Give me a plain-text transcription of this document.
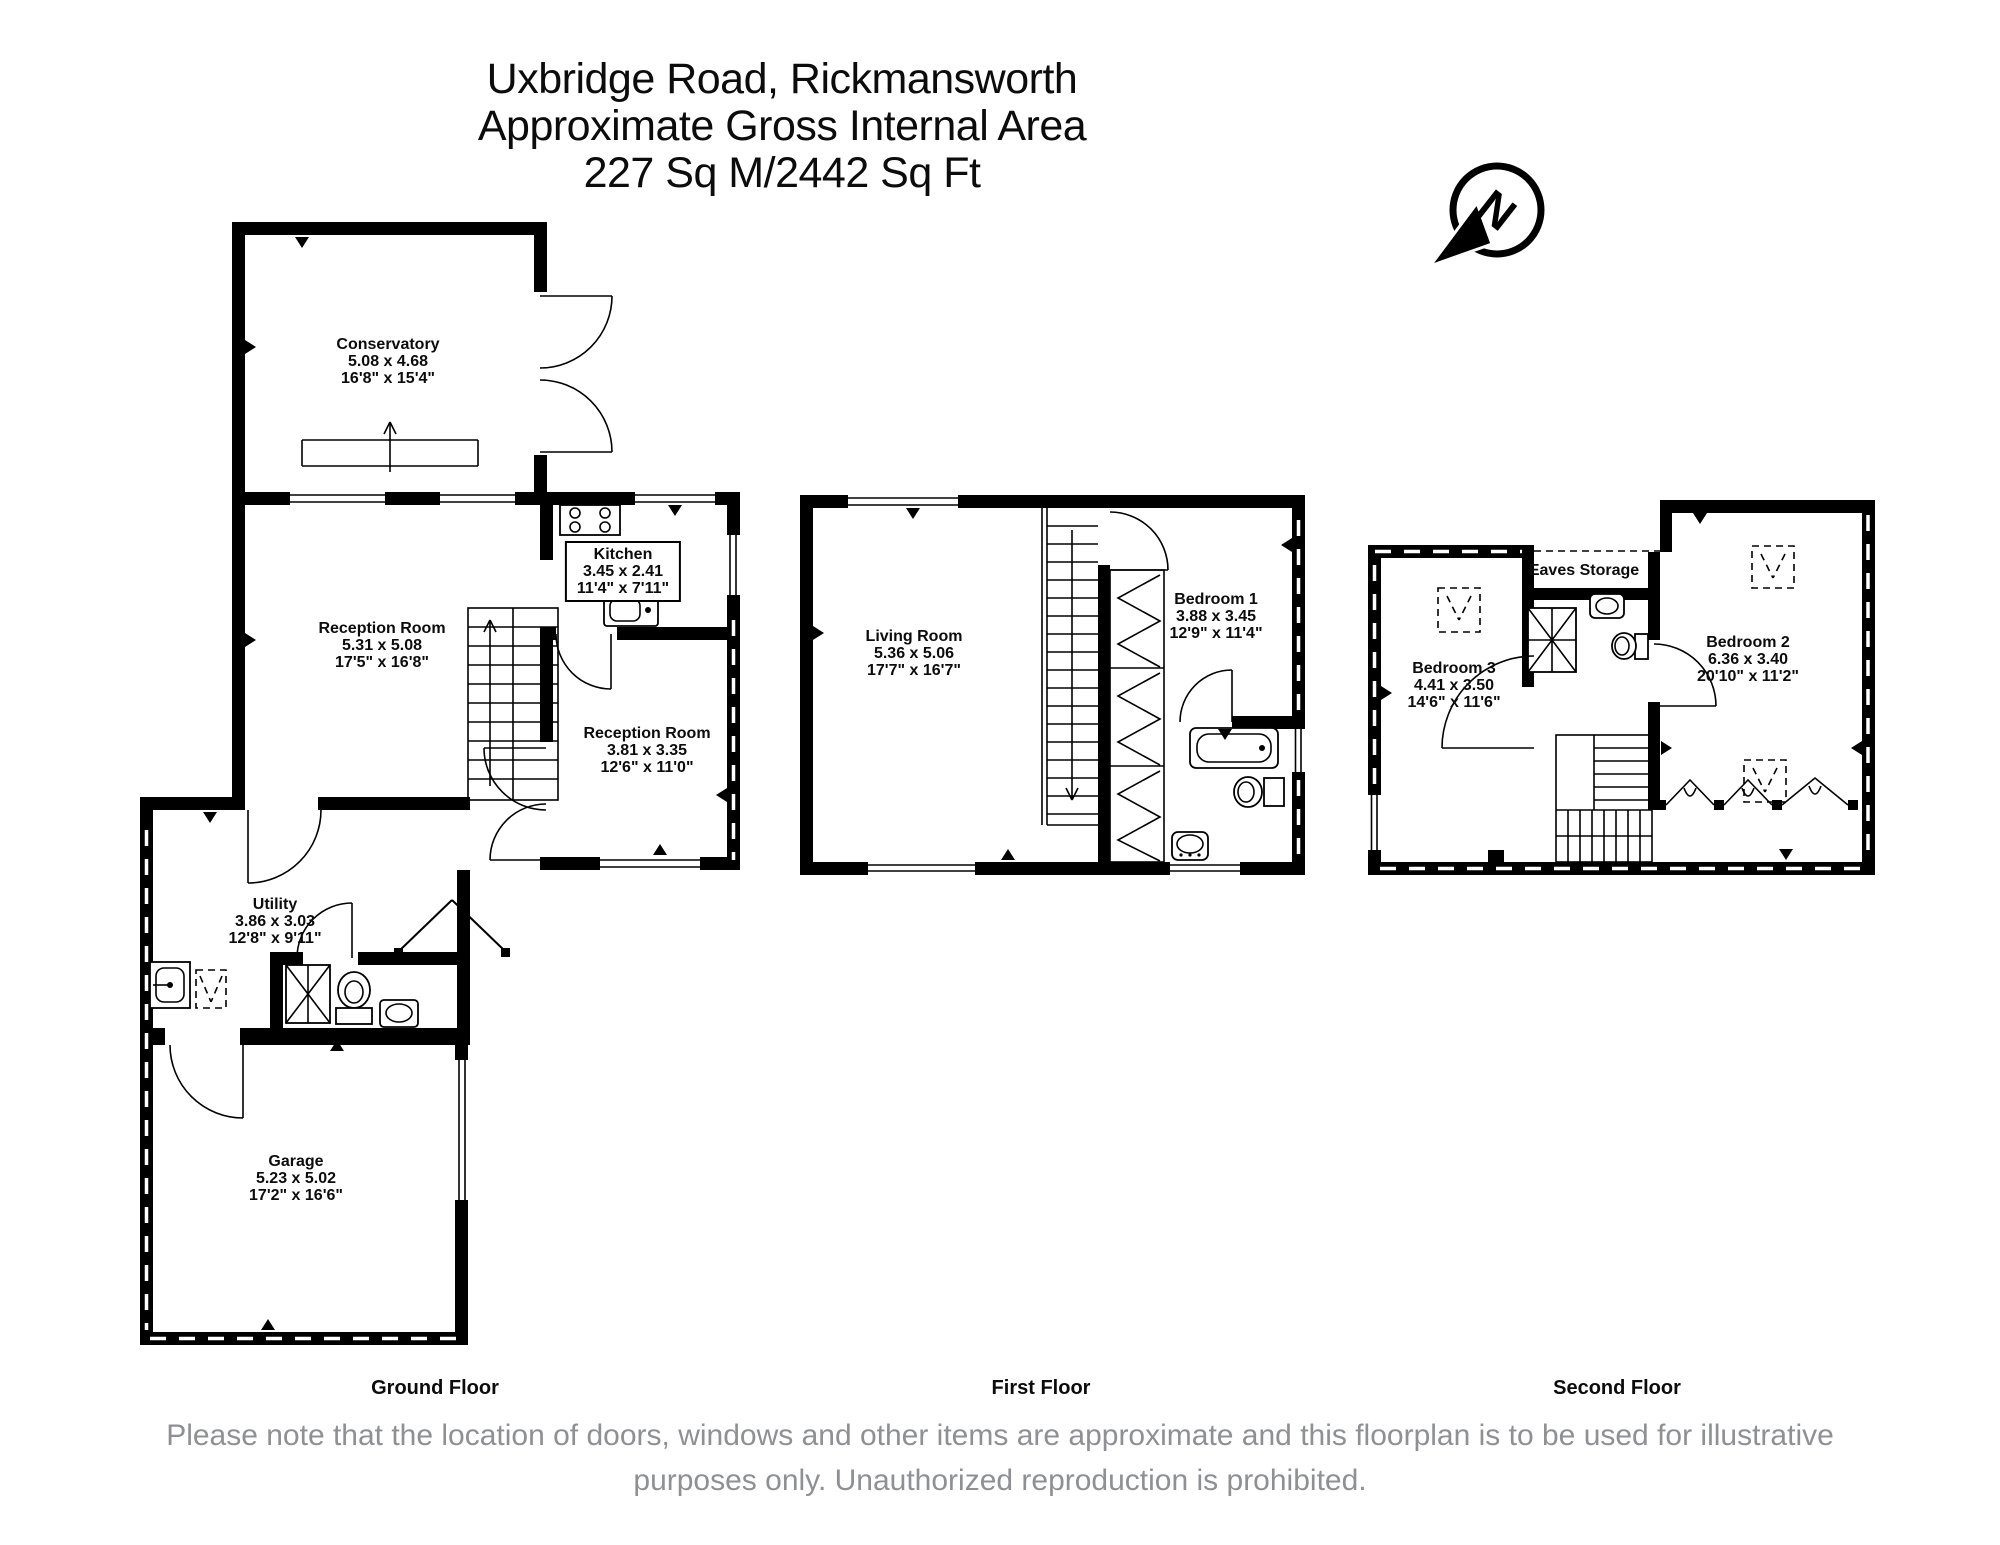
N
Uxbridge Road, Rickmansworth
Approximate Gross Internal Area
227 Sq M/2442 Sq Ft
Conservatory
5.08 x 4.68
16'8" x 15'4"
Kitchen
3.45 x 2.41
11'4" x 7'11"
Reception Room
5.31 x 5.08
17'5" x 16'8"
Reception Room
3.81 x 3.35
12'6" x 11'0"
Utility
3.86 x 3.03
12'8" x 9'11"
Garage
5.23 x 5.02
17'2" x 16'6"
Living Room
5.36 x 5.06
17'7" x 16'7"
Bedroom 1
3.88 x 3.45
12'9" x 11'4"
Bedroom 3
4.41 x 3.50
14'6" x 11'6"
Bedroom 2
6.36 x 3.40
20'10" x 11'2"
Eaves Storage
Ground Floor	First Floor	Second Floor
Please note that the location of doors, windows and other items are approximate and this floorplan is to be used for illustrative
purposes only. Unauthorized reproduction is prohibited.
